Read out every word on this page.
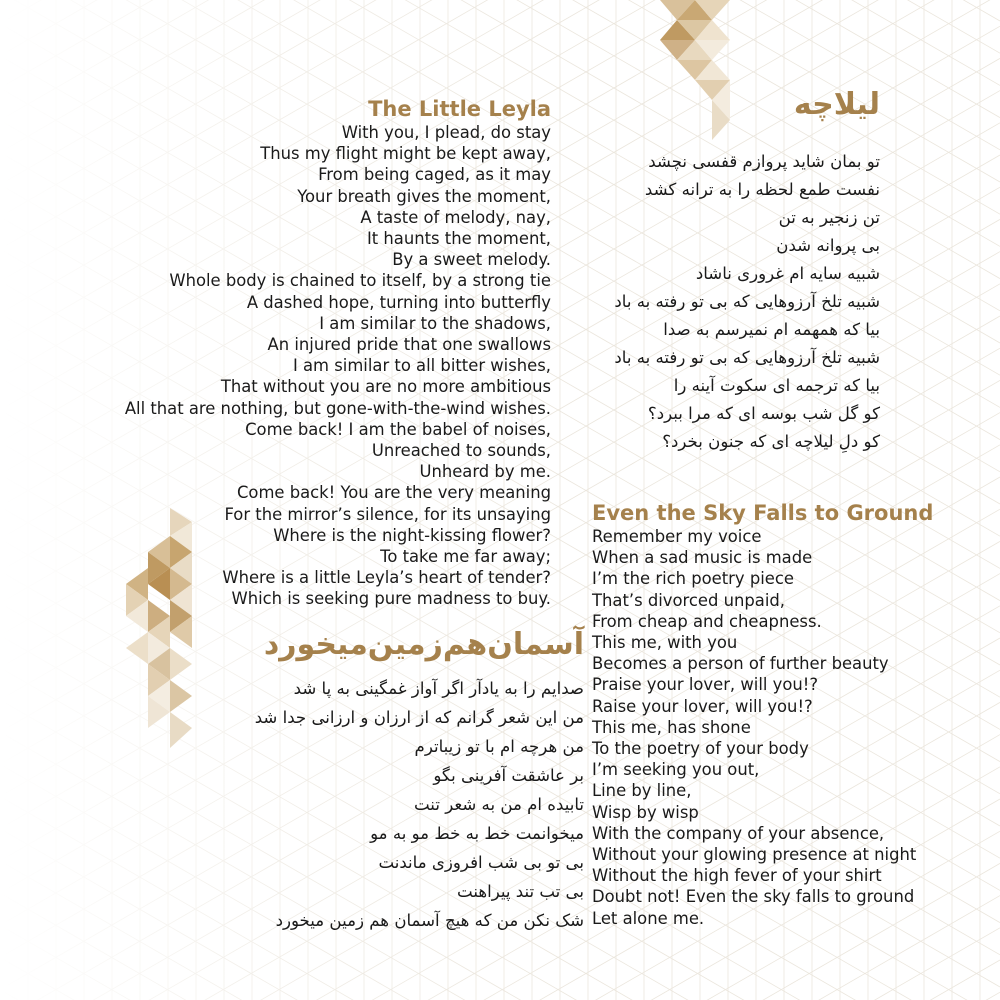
The Little Leyla
With you, I plead, do stay
Thus my flight might be kept away,
From being caged, as it may
Your breath gives the moment,
A taste of melody, nay,
It haunts the moment,
By a sweet melody.
Whole body is chained to itself, by a strong tie
A dashed hope, turning into butterfly
I am similar to the shadows,
An injured pride that one swallows
I am similar to all bitter wishes,
That without you are no more ambitious
All that are nothing, but gone-with-the-wind wishes.
Come back! I am the babel of noises,
Unreached to sounds,
Unheard by me.
Come back! You are the very meaning
For the mirror’s silence, for its unsaying
Where is the night-kissing flower?
To take me far away;
Where is a little Leyla’s heart of tender?
Which is seeking pure madness to buy.
لیلاچه
تو بمان شاید پروازم قفسی نچشد
نفست طمع لحظه را به ترانه کشد
تن زنجیر به تن
بی پروانه شدن
شبیه سایه ام غروری ناشاد
شبیه تلخ آرزوهایی که بی تو رفته به باد
بیا که همهمه ام نمیرسم به صدا
شبیه تلخ آرزوهایی که بی تو رفته به باد
بیا که ترجمه ای سکوت آینه را
کو گل شب بوسه ای که مرا ببرد؟
کو دلِ لیلاچه ای که جنون بخرد؟
Even the Sky Falls to Ground
Remember my voice
When a sad music is made
I’m the rich poetry piece
That’s divorced unpaid,
From cheap and cheapness.
This me, with you
Becomes a person of further beauty
Praise your lover, will you!?
Raise your lover, will you!?
This me, has shone
To the poetry of your body
I’m seeking you out,
Line by line,
Wisp by wisp
With the company of your absence,
Without your glowing presence at night
Without the high fever of your shirt
Doubt not! Even the sky falls to ground
Let alone me.
آسمان‌هم‌زمین‌میخورد
صدایم را به یادآر اگر آواز غمگینی به پا شد
من این شعر گرانم که از ارزان و ارزانی جدا شد
من هرچه ام با تو زیباترم
بر عاشقت آفرینی بگو
تابیده ام من به شعر تنت
میخوانمت خط به خط مو به مو
بی تو بی شب افروزی ماندنت
بی تب تند پیراهنت
شک نکن من که هیچ آسمان هم زمین میخورد
